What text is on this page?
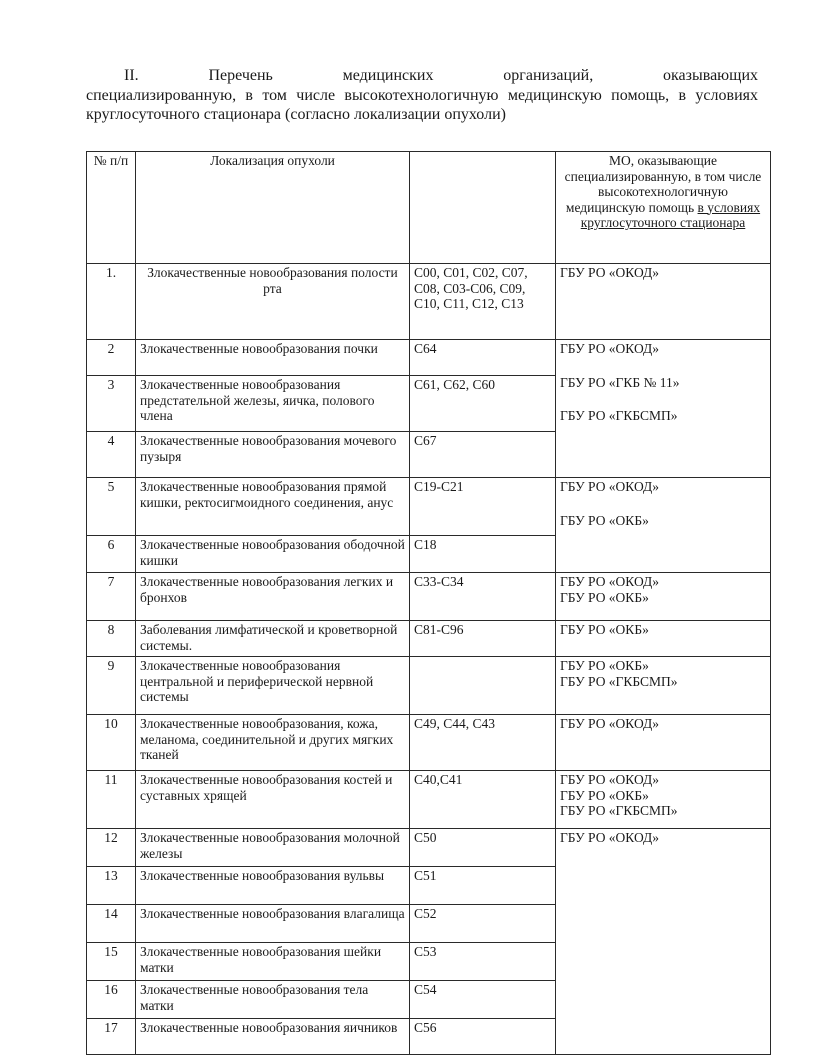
II. Перечень медицинских организаций, оказывающих
специализированную, в том числе высокотехнологичную медицинскую помощь, в условиях круглосуточного стационара (согласно локализации опухоли)
№ п/п	Локализация опухоли		МО, оказывающие специализированную, в том числе высокотехнологичную медицинскую помощь в условиях круглосуточного стационара
1.	Злокачественные новообразования полости рта	С00, С01, С02, С07, С08, С03-С06, С09, С10, С11, С12, С13	ГБУ РО «ОКОД»

2	Злокачественные новообразования почки	С64	ГБУ РО «ОКОД»
ГБУ РО «ГКБ № 11»
ГБУ РО «ГКБСМП»

3	Злокачественные новообразования предстательной железы, яичка, полового члена	С61, С62, С60	
4	Злокачественные новообразования мочевого пузыря	С67	
5	Злокачественные новообразования прямой кишки, ректосигмоидного соединения, анус	С19-С21	ГБУ РО «ОКОД»
ГБУ РО «ОКБ»

6	Злокачественные новообразования ободочной кишки	С18	
7	Злокачественные новообразования легких и бронхов	С33-С34	ГБУ РО «ОКОД»
ГБУ РО «ОКБ»

8	Заболевания лимфатической и кроветворной системы.	С81-С96	ГБУ РО «ОКБ»

9	Злокачественные новообразования центральной и периферической нервной системы		ГБУ РО «ОКБ»
ГБУ РО «ГКБСМП»

10	Злокачественные новообразования, кожа, меланома, соединительной и других мягких тканей	С49, С44, С43	ГБУ РО «ОКОД»

11	Злокачественные новообразования костей и суставных хрящей	С40,С41	ГБУ РО «ОКОД»
ГБУ РО «ОКБ»
ГБУ РО «ГКБСМП»

12	Злокачественные новообразования молочной железы	С50	ГБУ РО «ОКОД»

13	Злокачественные новообразования вульвы	С51	
14	Злокачественные новообразования влагалища	С52	
15	Злокачественные новообразования шейки матки	С53	
16	Злокачественные новообразования тела матки	С54	
17	Злокачественные новообразования яичников	С56	
